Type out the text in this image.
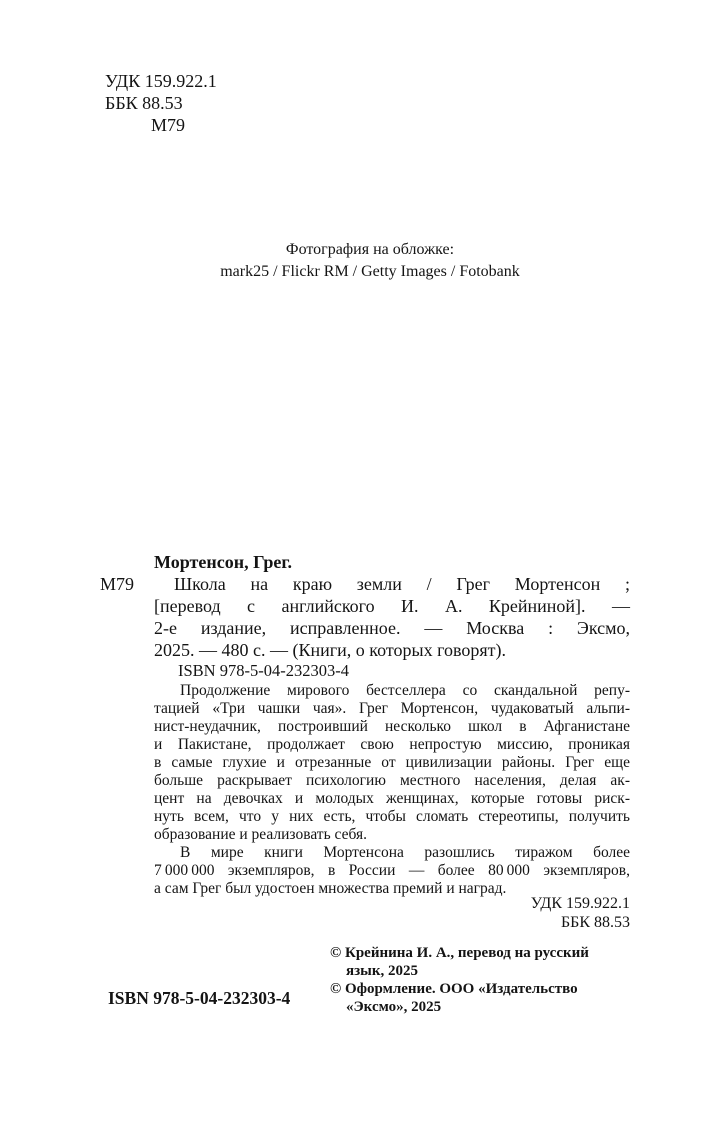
УДК 159.922.1
ББК 88.53
М79
Фотография на обложке:
mark25 / Flickr RM / Getty Images / Fotobank
М79
Мортенсон, Грег.
Школа на краю земли / Грег Мортенсон ;
[перевод с английского И. А. Крейниной]. —
2-е издание, исправленное. — Москва : Эксмо,
2025. — 480 с. — (Книги, о которых говорят).
ISBN 978-5-04-232303-4
Продолжение мирового бестселлера со скандальной репу-
тацией «Три чашки чая». Грег Мортенсон, чудаковатый альпи-
нист-неудачник, построивший несколько школ в Афганистане
и Пакистане, продолжает свою непростую миссию, проникая
в самые глухие и отрезанные от цивилизации районы. Грег еще
больше раскрывает психологию местного населения, делая ак-
цент на девочках и молодых женщинах, которые готовы риск-
нуть всем, что у них есть, чтобы сломать стереотипы, получить
образование и реализовать себя.
В мире книги Мортенсона разошлись тиражом более
7 000 000 экземпляров, в России — более 80 000 экземпляров,
а сам Грег был удостоен множества премий и наград.
УДК 159.922.1
ББК 88.53
© Крейнина И. А., перевод на русский
язык, 2025
© Оформление. ООО «Издательство
«Эксмо», 2025
ISBN 978-5-04-232303-4
